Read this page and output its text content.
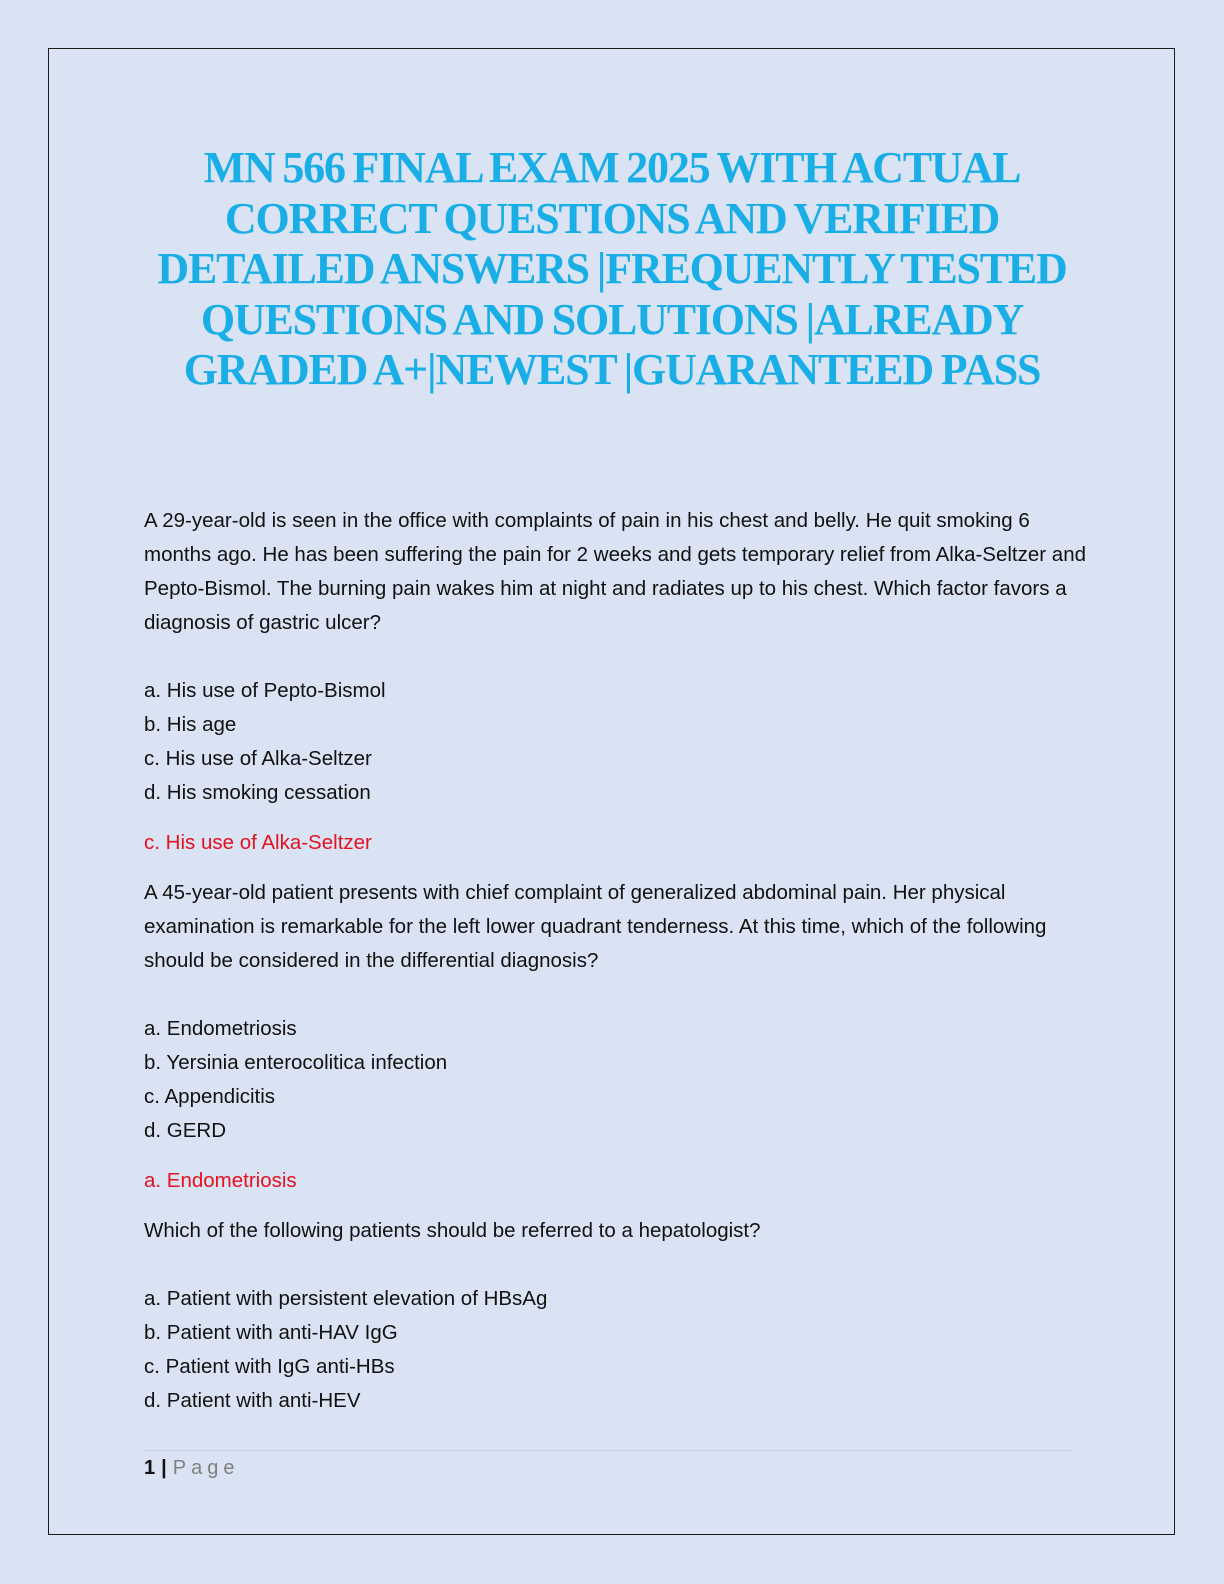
MN 566 FINAL EXAM 2025 WITH ACTUAL CORRECT QUESTIONS AND VERIFIED DETAILED ANSWERS |FREQUENTLY TESTED QUESTIONS AND SOLUTIONS |ALREADY GRADED A+|NEWEST |GUARANTEED PASS

A 29-year-old is seen in the office with complaints of pain in his chest and belly. He quit smoking 6 months ago. He has been suffering the pain for 2 weeks and gets temporary relief from Alka-Seltzer and Pepto-Bismol. The burning pain wakes him at night and radiates up to his chest. Which factor favors a diagnosis of gastric ulcer?

a. His use of Pepto-Bismol
b. His age
c. His use of Alka-Seltzer
d. His smoking cessation

c. His use of Alka-Seltzer

A 45-year-old patient presents with chief complaint of generalized abdominal pain. Her physical examination is remarkable for the left lower quadrant tenderness. At this time, which of the following should be considered in the differential diagnosis?

a. Endometriosis
b. Yersinia enterocolitica infection
c. Appendicitis
d. GERD

a. Endometriosis

Which of the following patients should be referred to a hepatologist?

a. Patient with persistent elevation of HBsAg
b. Patient with anti-HAV IgG
c. Patient with IgG anti-HBs
d. Patient with anti-HEV
1 | Page
